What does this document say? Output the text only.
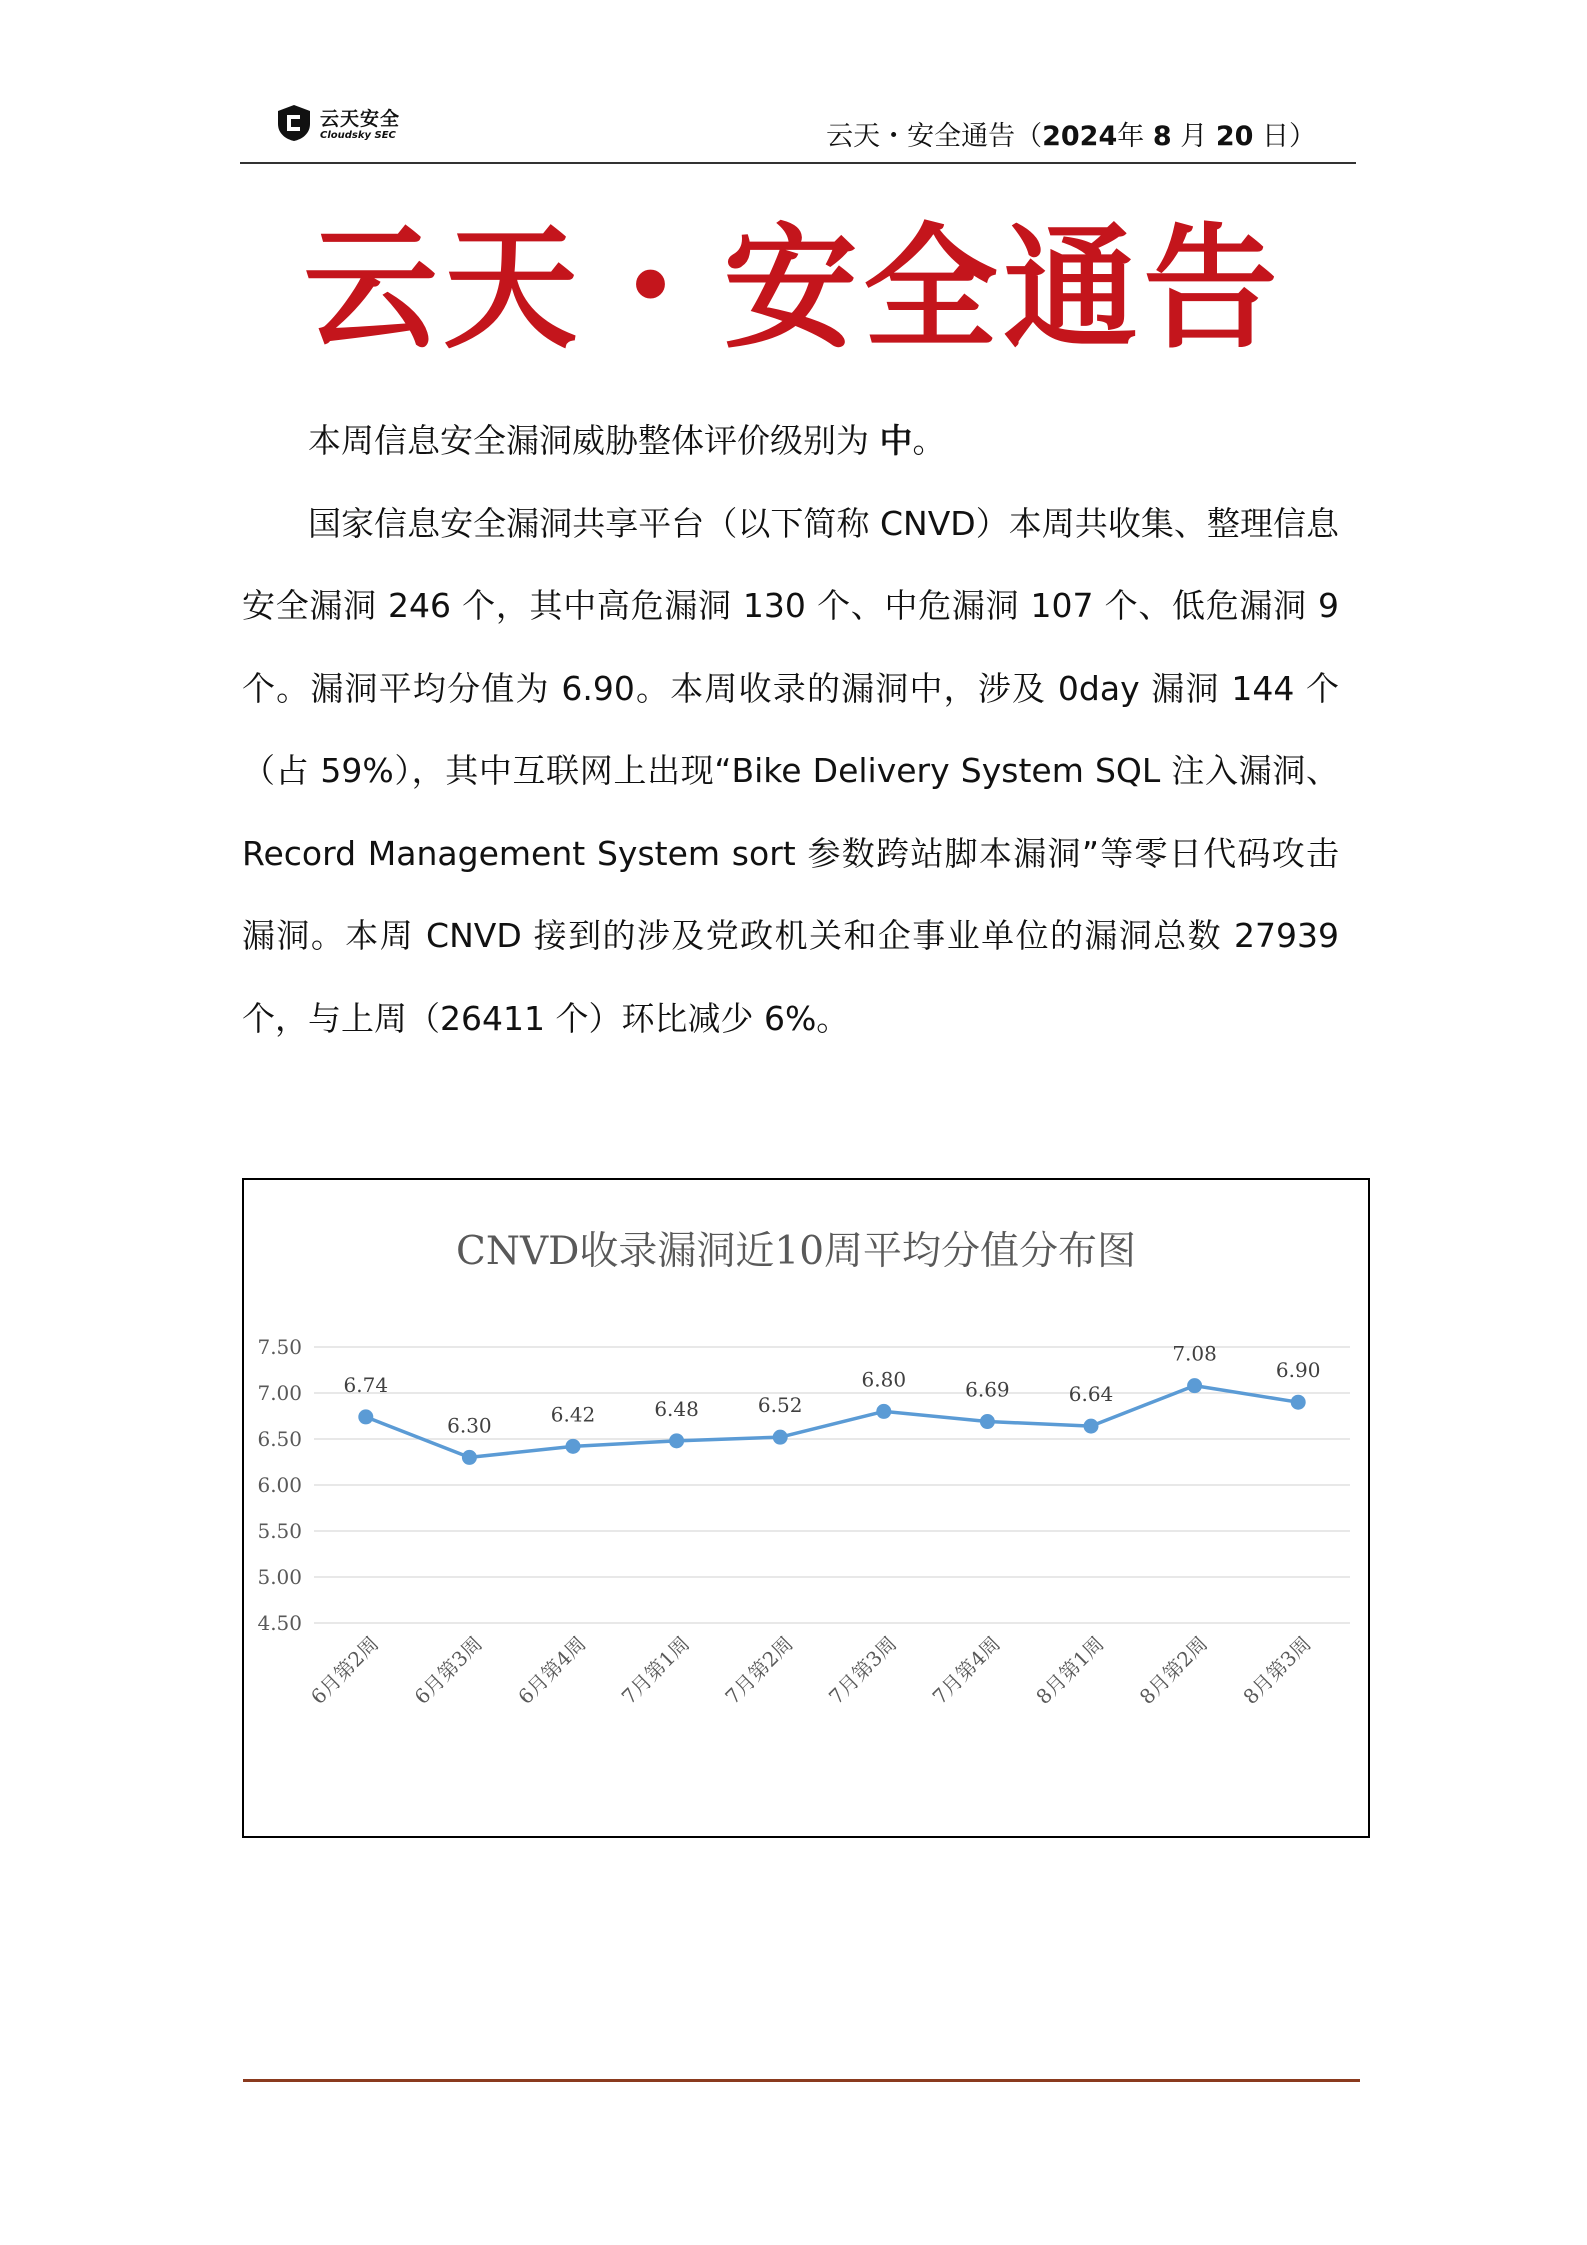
云天安全
Cloudsky SEC	云天・安全通告（2024年 8 月 20 日）
云天・安全通告

本周信息安全漏洞威胁整体评价级别为 中。

国家信息安全漏洞共享平台（以下简称 CNVD）本周共收集、整理信息安全漏洞 246 个，其中高危漏洞 130 个、中危漏洞 107 个、低危漏洞 9 个。漏洞平均分值为 6.90。本周收录的漏洞中，涉及 0day 漏洞 144 个（占 59%），其中互联网上出现“Bike Delivery System SQL 注入漏洞、Record Management System sort 参数跨站脚本漏洞”等零日代码攻击漏洞。本周 CNVD 接到的涉及党政机关和企事业单位的漏洞总数 27939 个，与上周（26411 个）环比减少 6%。

CNVD收录漏洞近10周平均分值分布图
4.50
5.00
5.50
6.00
6.50
7.00
7.50
6月第2周 6月第3周 6月第4周 7月第1周 7月第2周 7月第3周 7月第4周 8月第1周 8月第2周 8月第3周
6.74
6.30	6.42	6.48	6.52
6.80	6.69	6.64
7.08
6.90
